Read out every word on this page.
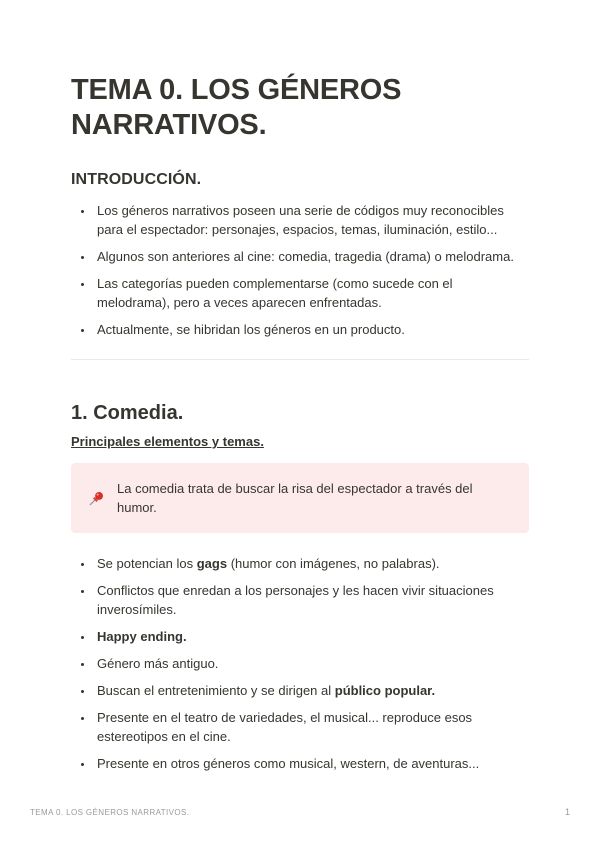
TEMA 0. LOS GÉNEROS NARRATIVOS.
INTRODUCCIÓN.
• Los géneros narrativos poseen una serie de códigos muy reconocibles para el espectador: personajes, espacios, temas, iluminación, estilo...
• Algunos son anteriores al cine: comedia, tragedia (drama) o melodrama.
• Las categorías pueden complementarse (como sucede con el melodrama), pero a veces aparecen enfrentadas.
• Actualmente, se hibridan los géneros en un producto.
1. Comedia.
Principales elementos y temas.
La comedia trata de buscar la risa del espectador a través del humor.
• Se potencian los gags (humor con imágenes, no palabras).
• Conflictos que enredan a los personajes y les hacen vivir situaciones inverosímiles.
• Happy ending.
• Género más antiguo.
• Buscan el entretenimiento y se dirigen al público popular.
• Presente en el teatro de variedades, el musical... reproduce esos estereotipos en el cine.
• Presente en otros géneros como musical, western, de aventuras...
TEMA 0. LOS GÉNEROS NARRATIVOS.	1
